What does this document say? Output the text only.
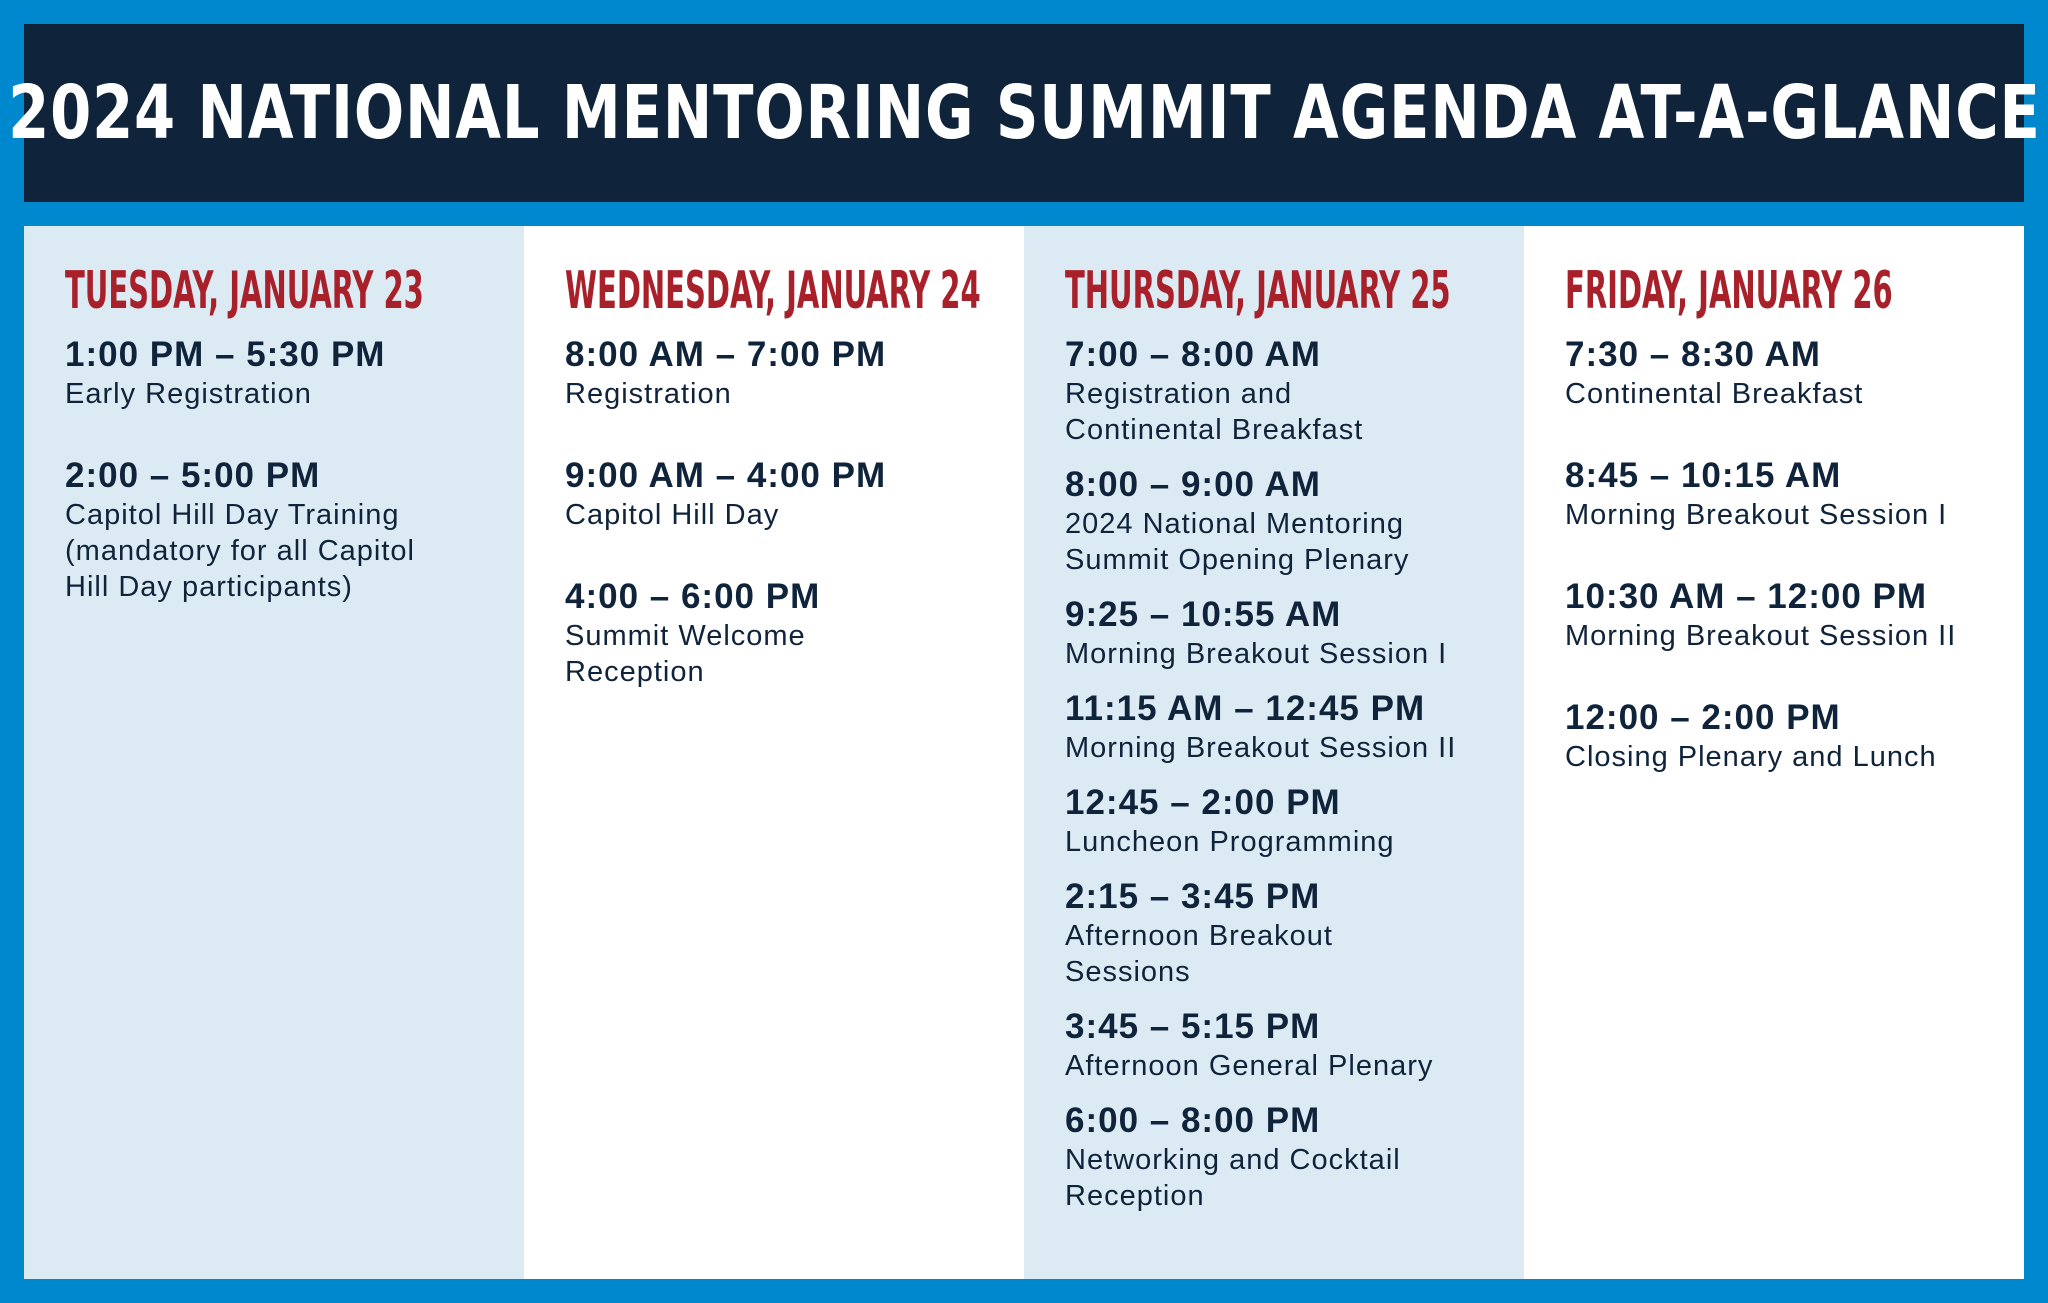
2024 NATIONAL MENTORING SUMMIT AGENDA AT-A-GLANCE
TUESDAY, JANUARY 23
1:00 PM – 5:30 PM
Early Registration
2:00 – 5:00 PM
Capitol Hill Day Training (mandatory for all Capitol Hill Day participants)
WEDNESDAY, JANUARY 24
8:00 AM – 7:00 PM
Registration
9:00 AM – 4:00 PM
Capitol Hill Day
4:00 – 6:00 PM
Summit Welcome Reception
THURSDAY, JANUARY 25
7:00 – 8:00 AM
Registration and Continental Breakfast
8:00 – 9:00 AM
2024 National Mentoring Summit Opening Plenary
9:25 – 10:55 AM
Morning Breakout Session I
11:15 AM – 12:45 PM
Morning Breakout Session II
12:45 – 2:00 PM
Luncheon Programming
2:15 – 3:45 PM
Afternoon Breakout Sessions
3:45 – 5:15 PM
Afternoon General Plenary
6:00 – 8:00 PM
Networking and Cocktail Reception
FRIDAY, JANUARY 26
7:30 – 8:30 AM
Continental Breakfast
8:45 – 10:15 AM
Morning Breakout Session I
10:30 AM – 12:00 PM
Morning Breakout Session II
12:00 – 2:00 PM
Closing Plenary and Lunch
